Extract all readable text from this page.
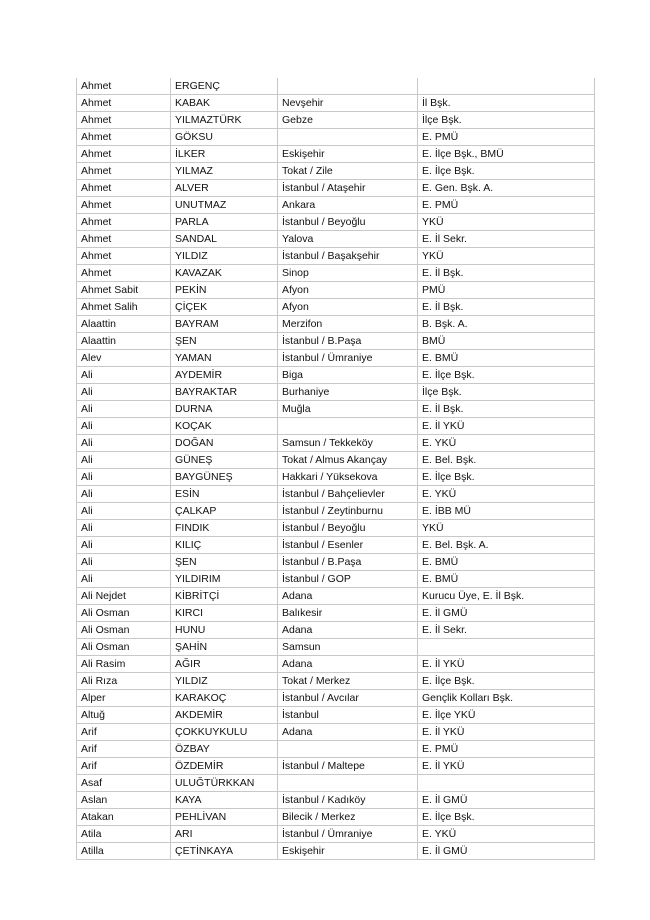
Ahmet	ERGENÇ		
Ahmet	KABAK	Nevşehir	İl Bşk.
Ahmet	YILMAZTÜRK	Gebze	İlçe Bşk.
Ahmet	GÖKSU		E. PMÜ
Ahmet	İLKER	Eskişehir	E. İlçe Bşk., BMÜ
Ahmet	YILMAZ	Tokat / Zile	E. İlçe Bşk.
Ahmet	ALVER	İstanbul / Ataşehir	E. Gen. Bşk. A.
Ahmet	UNUTMAZ	Ankara	E. PMÜ
Ahmet	PARLA	İstanbul / Beyoğlu	YKÜ
Ahmet	SANDAL	Yalova	E. İl Sekr.
Ahmet	YILDIZ	İstanbul / Başakşehir	YKÜ
Ahmet	KAVAZAK	Sinop	E. İl Bşk.
Ahmet Sabit	PEKİN	Afyon	PMÜ
Ahmet Salih	ÇİÇEK	Afyon	E. İl Bşk.
Alaattin	BAYRAM	Merzifon	B. Bşk. A.
Alaattin	ŞEN	İstanbul / B.Paşa	BMÜ
Alev	YAMAN	İstanbul / Ümraniye	E. BMÜ
Ali	AYDEMİR	Biga	E. İlçe Bşk.
Ali	BAYRAKTAR	Burhaniye	İlçe Bşk.
Ali	DURNA	Muğla	E. İl Bşk.
Ali	KOÇAK		E. İl YKÜ
Ali	DOĞAN	Samsun / Tekkeköy	E. YKÜ
Ali	GÜNEŞ	Tokat / Almus Akançay	E. Bel. Bşk.
Ali	BAYGÜNEŞ	Hakkari / Yüksekova	E. İlçe Bşk.
Ali	ESİN	İstanbul / Bahçelievler	E. YKÜ
Ali	ÇALKAP	İstanbul / Zeytinburnu	E. İBB MÜ
Ali	FINDIK	İstanbul / Beyoğlu	YKÜ
Ali	KILIÇ	İstanbul / Esenler	E. Bel. Bşk. A.
Ali	ŞEN	İstanbul / B.Paşa	E. BMÜ
Ali	YILDIRIM	İstanbul / GOP	E. BMÜ
Ali Nejdet	KİBRİTÇİ	Adana	Kurucu Üye, E. İl Bşk.
Ali Osman	KIRCI	Balıkesir	E. İl GMÜ
Ali Osman	HUNU	Adana	E. İl Sekr.
Ali Osman	ŞAHİN	Samsun	
Ali Rasim	AĞIR	Adana	E. İl YKÜ
Ali Rıza	YILDIZ	Tokat / Merkez	E. İlçe Bşk.
Alper	KARAKOÇ	İstanbul / Avcılar	Gençlik Kolları Bşk.
Altuğ	AKDEMİR	İstanbul	E. İlçe YKÜ
Arif	ÇOKKUYKULU	Adana	E. İl YKÜ
Arif	ÖZBAY		E. PMÜ
Arif	ÖZDEMİR	İstanbul / Maltepe	E. İl YKÜ
Asaf	ULUĞTÜRKKAN		
Aslan	KAYA	İstanbul / Kadıköy	E. İl GMÜ
Atakan	PEHLİVAN	Bilecik / Merkez	E. İlçe Bşk.
Atila	ARI	İstanbul / Ümraniye	E. YKÜ
Atilla	ÇETİNKAYA	Eskişehir	E. İl GMÜ
